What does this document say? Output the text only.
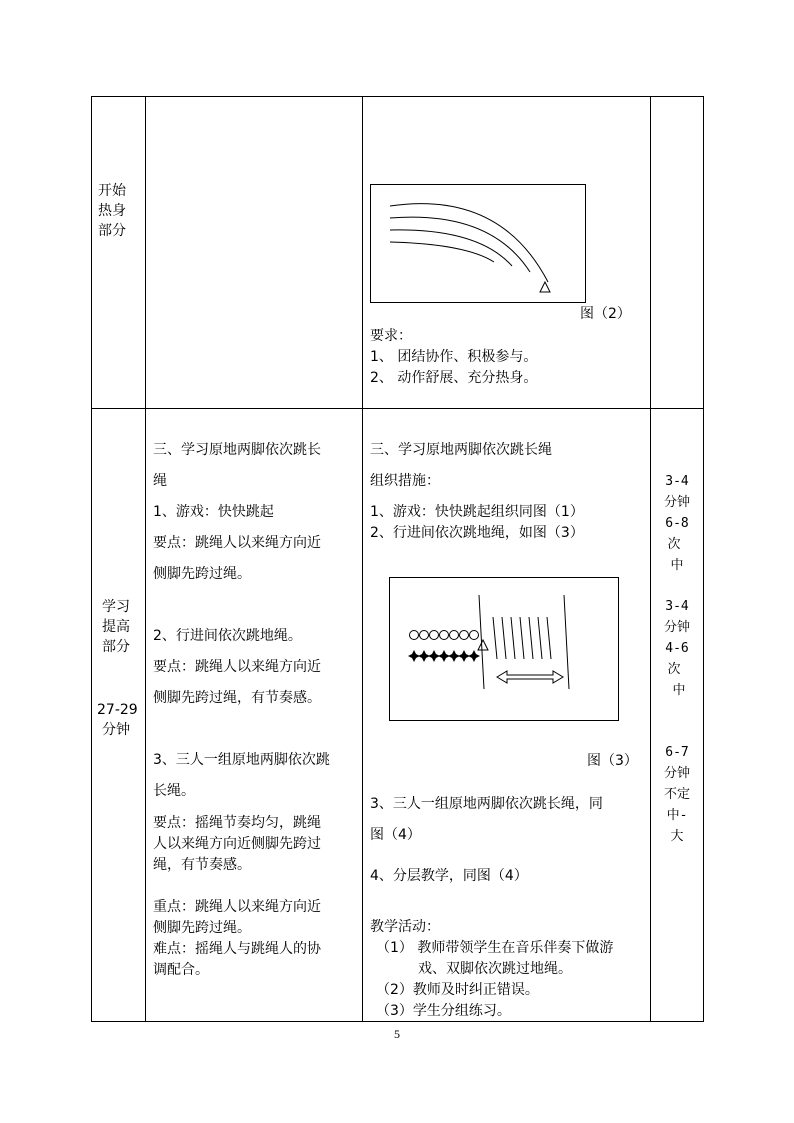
开始
热身
部分
图（2）
要求：
1、 团结协作、积极参与。
2、 动作舒展、充分热身。
学习
提高
部分
27-29
分钟
三、学习原地两脚依次跳长
绳
1、游戏：快快跳起
要点：跳绳人以来绳方向近
侧脚先跨过绳。
2、行进间依次跳地绳。
要点：跳绳人以来绳方向近
侧脚先跨过绳，有节奏感。
3、三人一组原地两脚依次跳
长绳。
要点：摇绳节奏均匀，跳绳
人以来绳方向近侧脚先跨过
绳，有节奏感。
重点：跳绳人以来绳方向近
侧脚先跨过绳。
难点：摇绳人与跳绳人的协
调配合。
三、学习原地两脚依次跳长绳
组织措施：
1、游戏：快快跳起组织同图（1）
2、行进间依次跳地绳，如图（3）
图（3）
3、三人一组原地两脚依次跳长绳，同
图（4）
4、分层教学，同图（4）
教学活动：
（1） 教师带领学生在音乐伴奏下做游
戏、双脚依次跳过地绳。
（2）教师及时纠正错误。
（3）学生分组练习。
3-4
分钟
6-8
次
中
3-4
分钟
4-6
次
中
6-7
分钟
不定
中-
大
5
